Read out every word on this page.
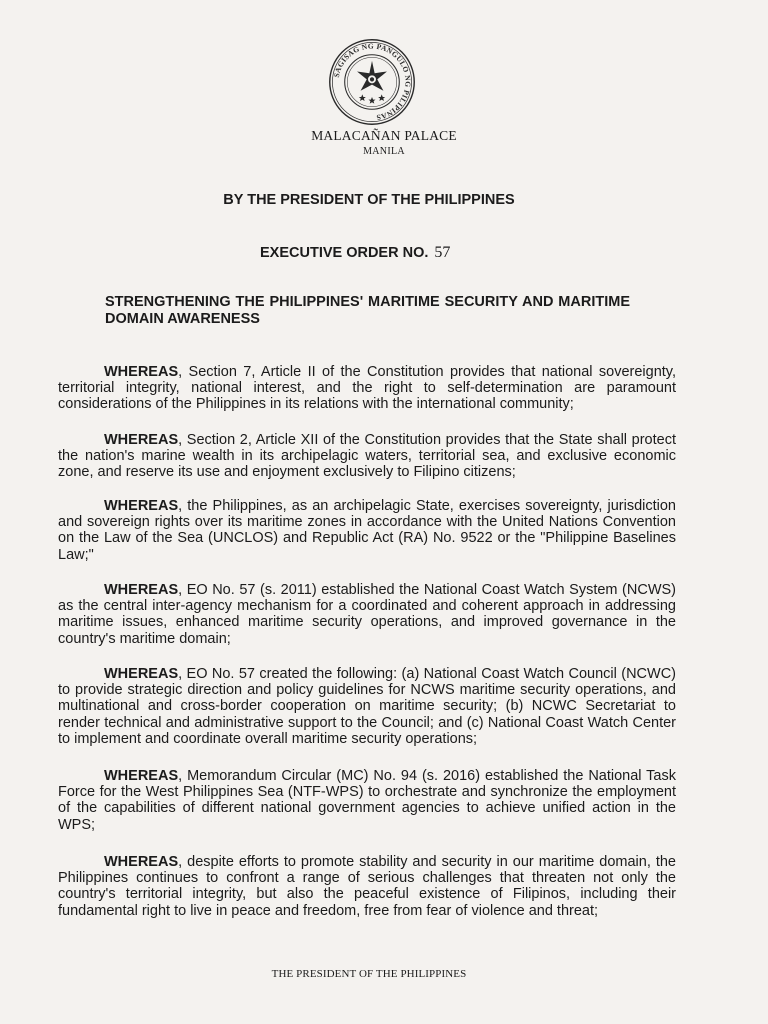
SAGISAG NG PANGULO NG PILIPINAS
MALACAÑAN PALACE
MANILA
BY THE PRESIDENT OF THE PHILIPPINES
EXECUTIVE ORDER NO. 57
STRENGTHENING THE PHILIPPINES' MARITIME SECURITY AND MARITIME DOMAIN AWARENESS

WHEREAS, Section 7, Article II of the Constitution provides that national sovereignty, territorial integrity, national interest, and the right to self-determination are paramount considerations of the Philippines in its relations with the international community;

WHEREAS, Section 2, Article XII of the Constitution provides that the State shall protect the nation's marine wealth in its archipelagic waters, territorial sea, and exclusive economic zone, and reserve its use and enjoyment exclusively to Filipino citizens;

WHEREAS, the Philippines, as an archipelagic State, exercises sovereignty, jurisdiction and sovereign rights over its maritime zones in accordance with the United Nations Convention on the Law of the Sea (UNCLOS) and Republic Act (RA) No. 9522 or the "Philippine Baselines Law;"

WHEREAS, EO No. 57 (s. 2011) established the National Coast Watch System (NCWS) as the central inter-agency mechanism for a coordinated and coherent approach in addressing maritime issues, enhanced maritime security operations, and improved governance in the country's maritime domain;

WHEREAS, EO No. 57 created the following: (a) National Coast Watch Council (NCWC) to provide strategic direction and policy guidelines for NCWS maritime security operations, and multinational and cross-border cooperation on maritime security; (b) NCWC Secretariat to render technical and administrative support to the Council; and (c) National Coast Watch Center to implement and coordinate overall maritime security operations;

WHEREAS, Memorandum Circular (MC) No. 94 (s. 2016) established the National Task Force for the West Philippines Sea (NTF-WPS) to orchestrate and synchronize the employment of the capabilities of different national government agencies to achieve unified action in the WPS;

WHEREAS, despite efforts to promote stability and security in our maritime domain, the Philippines continues to confront a range of serious challenges that threaten not only the country's territorial integrity, but also the peaceful existence of Filipinos, including their fundamental right to live in peace and freedom, free from fear of violence and threat;

THE PRESIDENT OF THE PHILIPPINES
